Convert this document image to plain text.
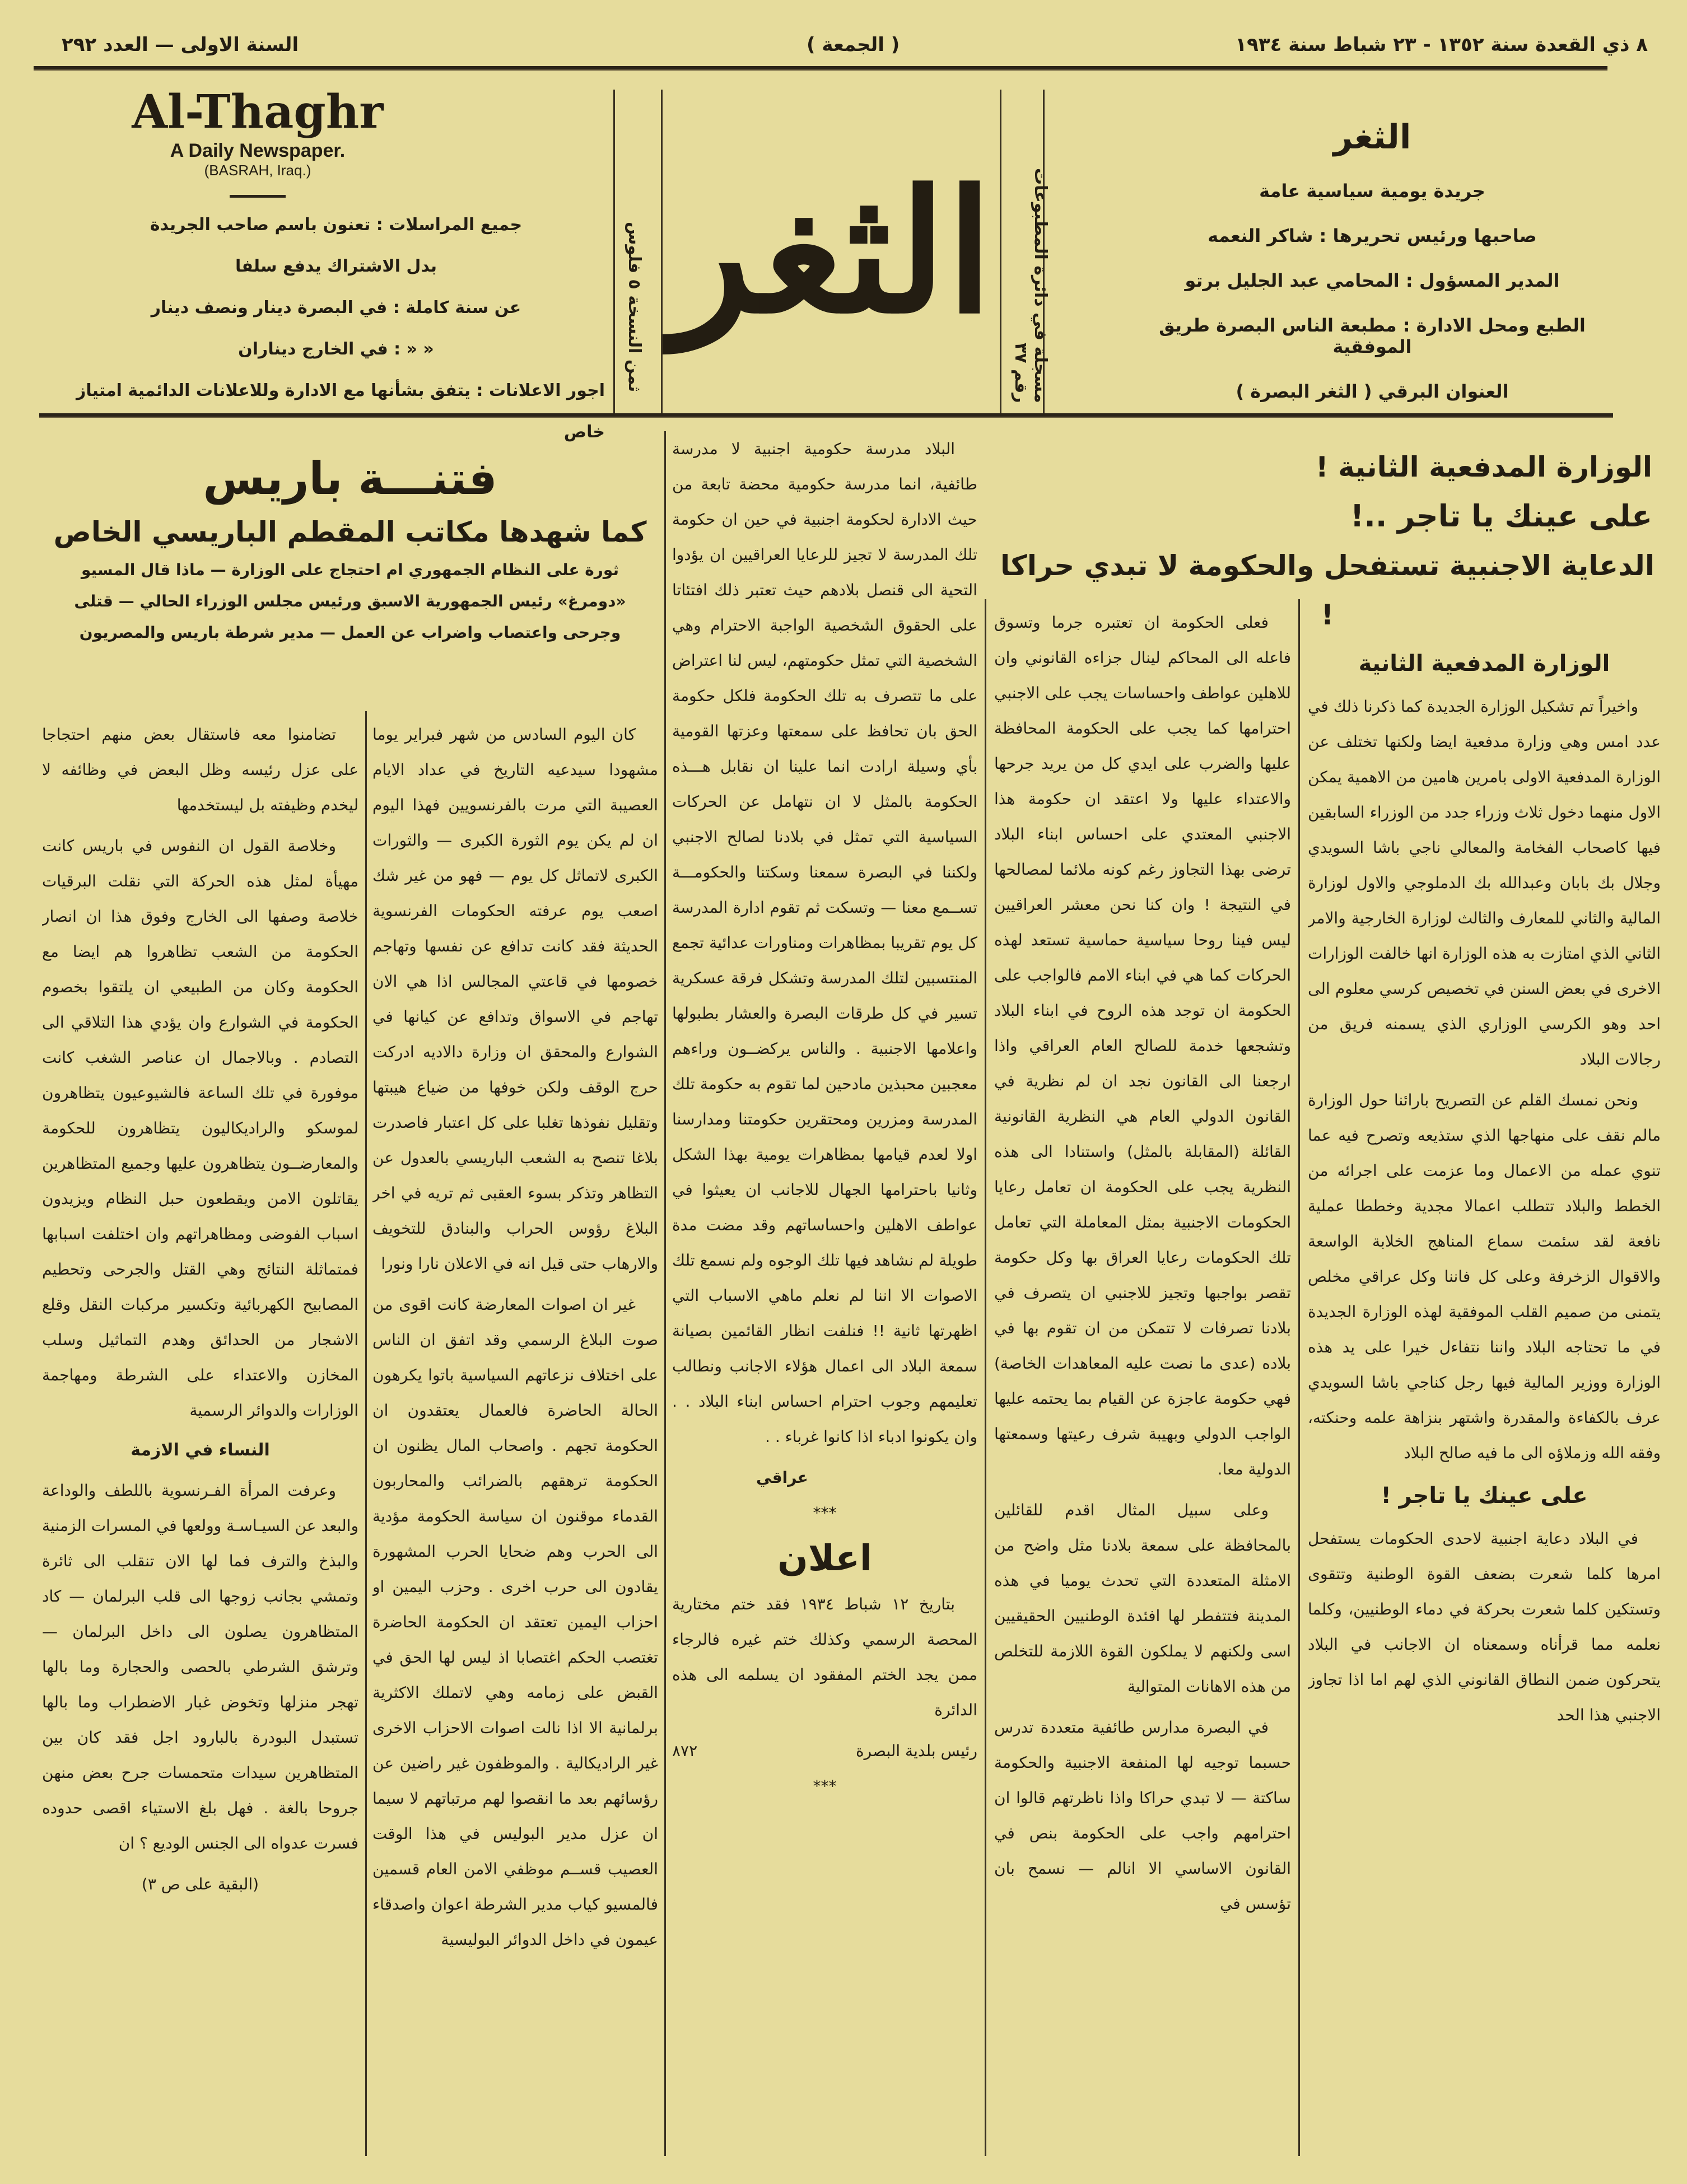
٨ ذي القعدة سنة ١٣٥٢ - ٢٣ شباط سنة ١٩٣٤
( الجمعة )
السنة الاولى — العدد ٢٩٢
الثغر
جريدة يومية سياسية عامة
صاحبها ورئيس تحريرها : شاكر النعمه
المدير المسؤول : المحامي عبد الجليل برتو
الطبع ومحل الادارة : مطبعة الناس البصرة طريق الموفقية
العنوان البرقي ( الثغر البصرة )
مسجلة في دائرة المطبوعات رقم ٣٧
الثغر
ثمن النسخة ٥ فلوس
Al-Thaghr
A Daily Newspaper.
(BASRAH, Iraq.)
جميع المراسلات : تعنون باسم صاحب الجريدة
بدل الاشتراك يدفع سلفا
عن سنة كاملة : في البصرة دينار ونصف دينار
« « : في الخارج ديناران
اجور الاعلانات : يتفق بشأنها مع الادارة وللاعلانات الدائمية امتياز خاص
الوزارة المدفعية الثانية !
على عينك يا تاجر ..!
الدعاية الاجنبية تستفحل والحكومة لا تبدي حراكا !
فتنـــة باريس
كما شهدها مكاتب المقطم الباريسي الخاص
ثورة على النظام الجمهوري ام احتجاج على الوزارة — ماذا قال المسيو «دومرغ» رئيس الجمهورية الاسبق ورئيس مجلس الوزراء الحالي — قتلى وجرحى واعتصاب واضراب عن العمل — مدير شرطة باريس والمصريون
الوزارة المدفعية الثانية

واخيراً تم تشكيل الوزارة الجديدة كما ذكرنا ذلك في عدد امس وهي وزارة مدفعية ايضا ولكنها تختلف عن الوزارة المدفعية الاولى بامرين هامين من الاهمية يمكن الاول منهما دخول ثلاث وزراء جدد من الوزراء السابقين فيها كاصحاب الفخامة والمعالي ناجي باشا السويدي وجلال بك بابان وعبدالله بك الدملوجي والاول لوزارة المالية والثاني للمعارف والثالث لوزارة الخارجية والامر الثاني الذي امتازت به هذه الوزارة انها خالفت الوزارات الاخرى في بعض السنن في تخصيص كرسي معلوم الى احد وهو الكرسي الوزاري الذي يسمنه فريق من رجالات البلاد

ونحن نمسك القلم عن التصريح بارائنا حول الوزارة مالم نقف على منهاجها الذي ستذيعه وتصرح فيه عما تنوي عمله من الاعمال وما عزمت على اجرائه من الخطط والبلاد تتطلب اعمالا مجدية وخططا عملية نافعة لقد سئمت سماع المناهج الخلابة الواسعة والاقوال الزخرفة وعلى كل فاننا وكل عراقي مخلص يتمنى من صميم القلب الموفقية لهذه الوزارة الجديدة في ما تحتاجه البلاد واننا نتفاءل خيرا على يد هذه الوزارة ووزير المالية فيها رجل كناجي باشا السويدي عرف بالكفاءة والمقدرة واشتهر بنزاهة علمه وحنكته، وفقه الله وزملاؤه الى ما فيه صالح البلاد

على عينك يا تاجر !

في البلاد دعاية اجنبية لاحدى الحكومات يستفحل امرها كلما شعرت بضعف القوة الوطنية وتتقوى وتستكين كلما شعرت بحركة في دماء الوطنيين، وكلما نعلمه مما قرأناه وسمعناه ان الاجانب في البلاد يتحركون ضمن النطاق القانوني الذي لهم اما اذا تجاوز الاجنبي هذا الحد

فعلى الحكومة ان تعتبره جرما وتسوق فاعله الى المحاكم لينال جزاءه القانوني وان للاهلين عواطف واحساسات يجب على الاجنبي احترامها كما يجب على الحكومة المحافظة عليها والضرب على ايدي كل من يريد جرحها والاعتداء عليها ولا اعتقد ان حكومة هذا الاجنبي المعتدي على احساس ابناء البلاد ترضى بهذا التجاوز رغم كونه ملائما لمصالحها في النتيجة ! وان كنا نحن معشر العراقيين ليس فينا روحا سياسية حماسية تستعد لهذه الحركات كما هي في ابناء الامم فالواجب على الحكومة ان توجد هذه الروح في ابناء البلاد وتشجعها خدمة للصالح العام العراقي واذا ارجعنا الى القانون نجد ان لم نظرية في القانون الدولي العام هي النظرية القانونية القائلة (المقابلة بالمثل) واستنادا الى هذه النظرية يجب على الحكومة ان تعامل رعايا الحكومات الاجنبية بمثل المعاملة التي تعامل تلك الحكومات رعايا العراق بها وكل حكومة تقصر بواجبها وتجيز للاجنبي ان يتصرف في بلادنا تصرفات لا تتمكن من ان تقوم بها في بلاده (عدى ما نصت عليه المعاهدات الخاصة) فهي حكومة عاجزة عن القيام بما يحتمه عليها الواجب الدولي وبهيبة شرف رعيتها وسمعتها الدولية معا.

وعلى سبيل المثال اقدم للقائلين بالمحافظة على سمعة بلادنا مثل واضح من الامثلة المتعددة التي تحدث يوميا في هذه المدينة فتتفطر لها افئدة الوطنيين الحقيقيين اسى ولكنهم لا يملكون القوة اللازمة للتخلص من هذه الاهانات المتوالية

في البصرة مدارس طائفية متعددة تدرس حسبما توجيه لها المنفعة الاجنبية والحكومة ساكتة — لا تبدي حراكا واذا ناظرتهم قالوا ان احترامهم واجب على الحكومة بنص في القانون الاساسي الا انالم — نسمح بان تؤسس في

البلاد مدرسة حكومية اجنبية لا مدرسة طائفية، انما مدرسة حكومية محضة تابعة من حيث الادارة لحكومة اجنبية في حين ان حكومة تلك المدرسة لا تجيز للرعايا العراقيين ان يؤدوا التحية الى قنصل بلادهم حيث تعتبر ذلك افتئاتا على الحقوق الشخصية الواجبة الاحترام وهي الشخصية التي تمثل حكومتهم، ليس لنا اعتراض على ما تتصرف به تلك الحكومة فلكل حكومة الحق بان تحافظ على سمعتها وعزتها القومية بأي وسيلة ارادت انما علينا ان نقابل هـــذه الحكومة بالمثل لا ان نتهامل عن الحركات السياسية التي تمثل في بلادنا لصالح الاجنبي ولكننا في البصرة سمعنا وسكتنا والحكومـــة تســمع معنا — وتسكت ثم تقوم ادارة المدرسة كل يوم تقريبا بمظاهرات ومناورات عدائية تجمع المنتسبين لتلك المدرسة وتشكل فرقة عسكرية تسير في كل طرقات البصرة والعشار بطبولها واعلامها الاجنبية . والناس يركضــون وراءهم معجبين محبذين مادحين لما تقوم به حكومة تلك المدرسة ومزرين ومحتقرين حكومتنا ومدارسنا اولا لعدم قيامها بمظاهرات يومية بهذا الشكل وثانيا باحترامها الجهال للاجانب ان يعيثوا في عواطف الاهلين واحساساتهم وقد مضت مدة طويلة لم نشاهد فيها تلك الوجوه ولم نسمع تلك الاصوات الا اننا لم نعلم ماهي الاسباب التي اظهرتها ثانية !! فنلفت انظار القائمين بصيانة سمعة البلاد الى اعمال هؤلاء الاجانب ونطالب تعليمهم وجوب احترام احساس ابناء البلاد . . وان يكونوا ادباء اذا كانوا غرباء . .

عراقي
***
اعلان

بتاريخ ١٢ شباط ١٩٣٤ فقد ختم مختارية المحصة الرسمي وكذلك ختم غيره فالرجاء ممن يجد الختم المفقود ان يسلمه الى هذه الدائرة

رئيس بلدية البصرة
٨٧٢
***

كان اليوم السادس من شهر فبراير يوما مشهودا سيدعيه التاريخ في عداد الايام العصيبة التي مرت بالفرنسويين فهذا اليوم ان لم يكن يوم الثورة الكبرى — والثورات الكبرى لاتماثل كل يوم — فهو من غير شك اصعب يوم عرفته الحكومات الفرنسوية الحديثة فقد كانت تدافع عن نفسها وتهاجم خصومها في قاعتي المجالس اذا هي الان تهاجم في الاسواق وتدافع عن كيانها في الشوارع والمحقق ان وزارة دالاديه ادركت حرج الوقف ولكن خوفها من ضياع هيبتها وتقليل نفوذها تغلبا على كل اعتبار فاصدرت بلاغا تنصح به الشعب الباريسي بالعدول عن التظاهر وتذكر بسوء العقبى ثم تريه في اخر البلاغ رؤوس الحراب والبنادق للتخويف والارهاب حتى قيل انه في الاعلان نارا ونورا

غير ان اصوات المعارضة كانت اقوى من صوت البلاغ الرسمي وقد اتفق ان الناس على اختلاف نزعاتهم السياسية باتوا يكرهون الحالة الحاضرة فالعمال يعتقدون ان الحكومة تجهم . واصحاب المال يظنون ان الحكومة ترهقهم بالضرائب والمحاربون القدماء موقنون ان سياسة الحكومة مؤدية الى الحرب وهم ضحايا الحرب المشهورة يقادون الى حرب اخرى . وحزب اليمين او احزاب اليمين تعتقد ان الحكومة الحاضرة تغتصب الحكم اغتصابا اذ ليس لها الحق في القبض على زمامه وهي لاتملك الاكثرية برلمانية الا اذا نالت اصوات الاحزاب الاخرى غير الراديكالية . والموظفون غير راضين عن رؤسائهم بعد ما انقصوا لهم مرتباتهم لا سيما ان عزل مدير البوليس في هذا الوقت العصيب قســم موظفي الامن العام قسمين فالمسيو كياب مدير الشرطة اعوان واصدقاء عيمون في داخل الدوائر البوليسية

تضامنوا معه فاستقال بعض منهم احتجاجا على عزل رئيسه وظل البعض في وظائفه لا ليخدم وظيفته بل ليستخدمها

وخلاصة القول ان النفوس في باريس كانت مهيأة لمثل هذه الحركة التي نقلت البرقيات خلاصة وصفها الى الخارج وفوق هذا ان انصار الحكومة من الشعب تظاهروا هم ايضا مع الحكومة وكان من الطبيعي ان يلتقوا بخصوم الحكومة في الشوارع وان يؤدي هذا التلاقي الى التصادم . وبالاجمال ان عناصر الشغب كانت موفورة في تلك الساعة فالشيوعيون يتظاهرون لموسكو والراديكاليون يتظاهرون للحكومة والمعارضــون يتظاهرون عليها وجميع المتظاهرين يقاتلون الامن ويقطعون حبل النظام ويزيدون اسباب الفوضى ومظاهراتهم وان اختلفت اسبابها فمتماثلة النتائج وهي القتل والجرحى وتحطيم المصابيح الكهربائية وتكسير مركبات النقل وقلع الاشجار من الحدائق وهدم التماثيل وسلب المخازن والاعتداء على الشرطة ومهاجمة الوزارات والدوائر الرسمية

النساء في الازمة

وعرفت المرأة الفـرنسوية باللطف والوداعة والبعد عن السيـاسـة وولعها في المسرات الزمنية والبذخ والترف فما لها الان تنقلب الى ثائرة وتمشي بجانب زوجها الى قلب البرلمان — كاد المتظاهرون يصلون الى داخل البرلمان — وترشق الشرطي بالحصى والحجارة وما بالها تهجر منزلها وتخوض غبار الاضطراب وما بالها تستبدل البودرة بالبارود اجل فقد كان بين المتظاهرين سيدات متحمسات جرح بعض منهن جروحا بالغة . فهل بلغ الاستياء اقصى حدوده فسرت عدواه الى الجنس الوديع ؟ ان

(البقية على ص ٣)
